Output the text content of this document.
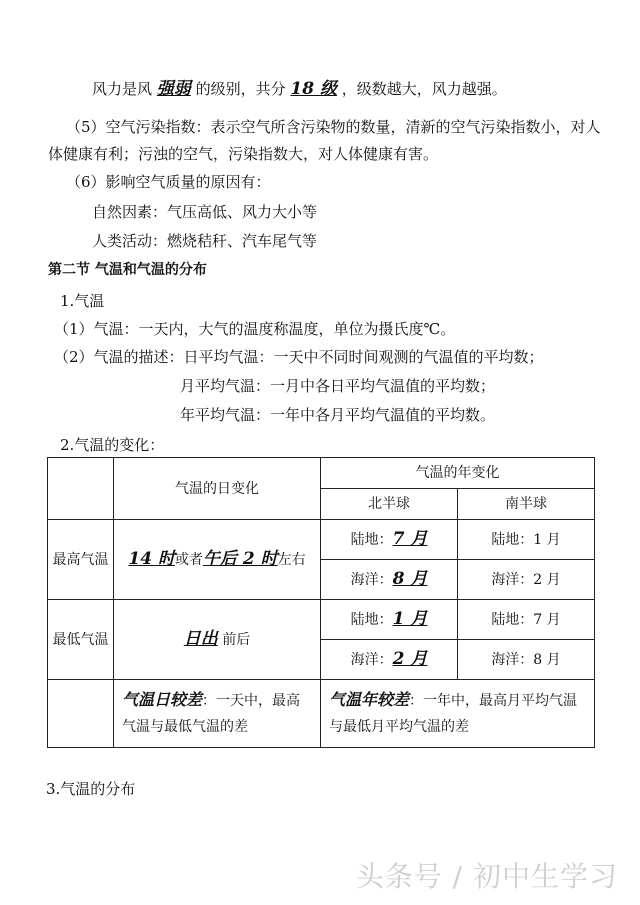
风力是风 强弱 的级别，共分 18 级 ，级数越大，风力越强。
（5）空气污染指数：表示空气所含污染物的数量，清新的空气污染指数小，对人
体健康有利；污浊的空气，污染指数大，对人体健康有害。
（6）影响空气质量的原因有：
自然因素：气压高低、风力大小等
人类活动：燃烧秸秆、汽车尾气等
第二节 气温和气温的分布
1.气温
（1）气温：一天内，大气的温度称温度，单位为摄氏度℃。
（2）气温的描述：日平均气温：一天中不同时间观测的气温值的平均数；
月平均气温：一月中各日平均气温值的平均数；
年平均气温：一年中各月平均气温值的平均数。
2.气温的变化：
	气温的日变化	气温的年变化	
		北半球	南半球
最高气温	14 时或者午后 2 时左右	陆地：7 月	陆地：1 月
		海洋：8 月	海洋：2 月
最低气温	日出 前后	陆地：1 月	陆地：7 月
		海洋：2 月	海洋：8 月
	气温日较差：一天中，最高气温与最低气温的差	气温年较差：一年中，最高月平均气温与最低月平均气温的差	
3.气温的分布
头条号 / 初中生学习
